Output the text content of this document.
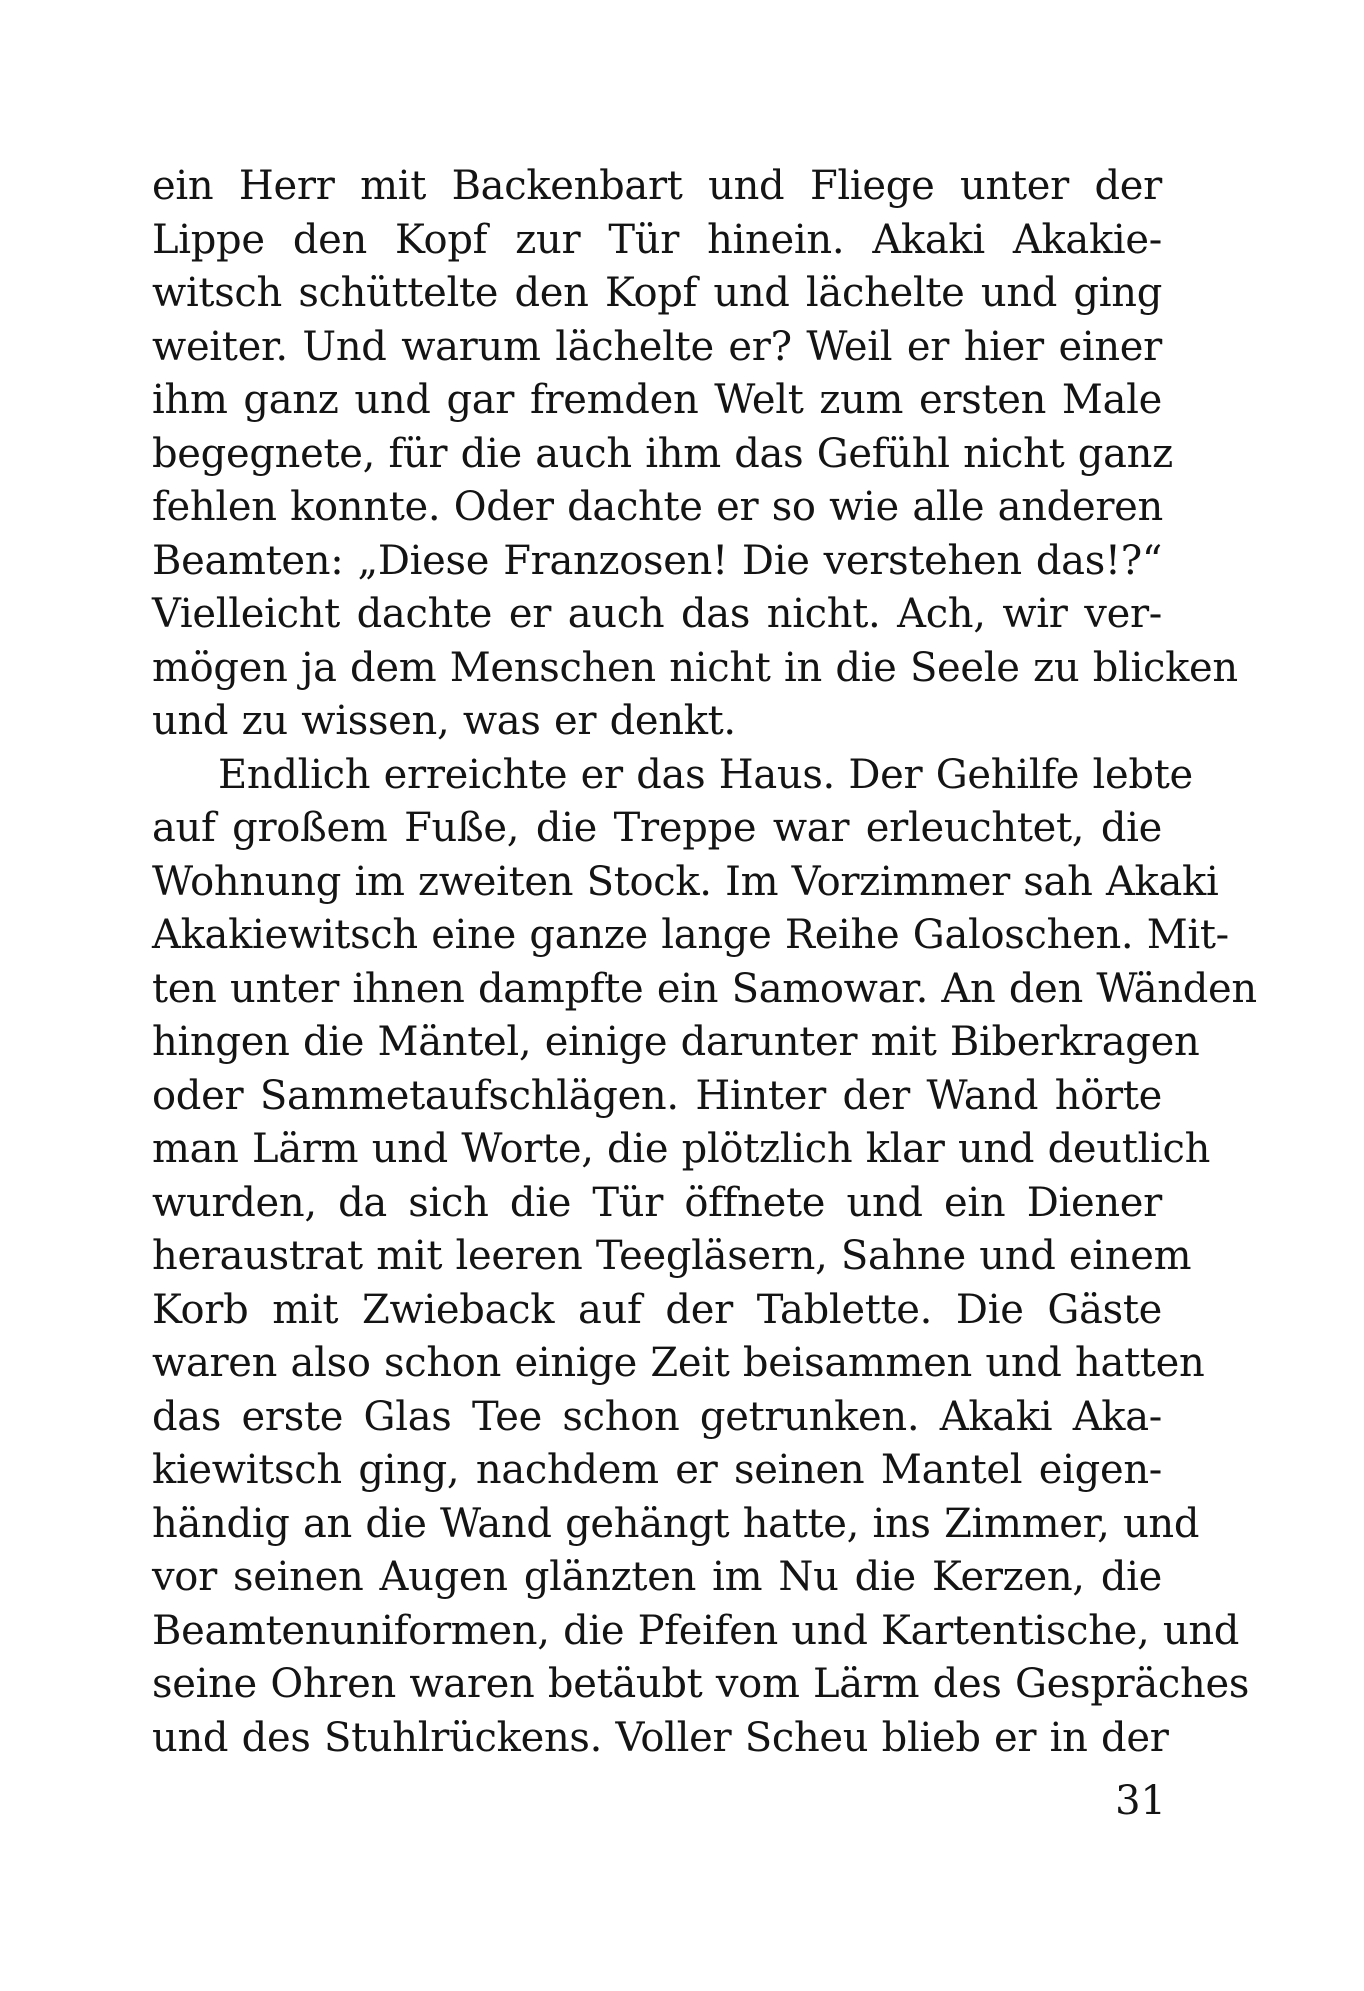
ein Herr mit Backenbart und Fliege unter der
Lippe den Kopf zur Tür hinein. Akaki Akakie-
witsch schüttelte den Kopf und lächelte und ging
weiter. Und warum lächelte er? Weil er hier einer
ihm ganz und gar fremden Welt zum ersten Male
begegnete, für die auch ihm das Gefühl nicht ganz
fehlen konnte. Oder dachte er so wie alle anderen
Beamten: „Diese Franzosen! Die verstehen das!?“
Vielleicht dachte er auch das nicht. Ach, wir ver-
mögen ja dem Menschen nicht in die Seele zu blicken
und zu wissen, was er denkt.
Endlich erreichte er das Haus. Der Gehilfe lebte
auf großem Fuße, die Treppe war erleuchtet, die
Wohnung im zweiten Stock. Im Vorzimmer sah Akaki
Akakiewitsch eine ganze lange Reihe Galoschen. Mit-
ten unter ihnen dampfte ein Samowar. An den Wänden
hingen die Mäntel, einige darunter mit Biberkragen
oder Sammetaufschlägen. Hinter der Wand hörte
man Lärm und Worte, die plötzlich klar und deutlich
wurden, da sich die Tür öffnete und ein Diener
heraustrat mit leeren Teegläsern, Sahne und einem
Korb mit Zwieback auf der Tablette. Die Gäste
waren also schon einige Zeit beisammen und hatten
das erste Glas Tee schon getrunken. Akaki Aka-
kiewitsch ging, nachdem er seinen Mantel eigen-
händig an die Wand gehängt hatte, ins Zimmer, und
vor seinen Augen glänzten im Nu die Kerzen, die
Beamtenuniformen, die Pfeifen und Kartentische, und
seine Ohren waren betäubt vom Lärm des Gespräches
und des Stuhlrückens. Voller Scheu blieb er in der
31
